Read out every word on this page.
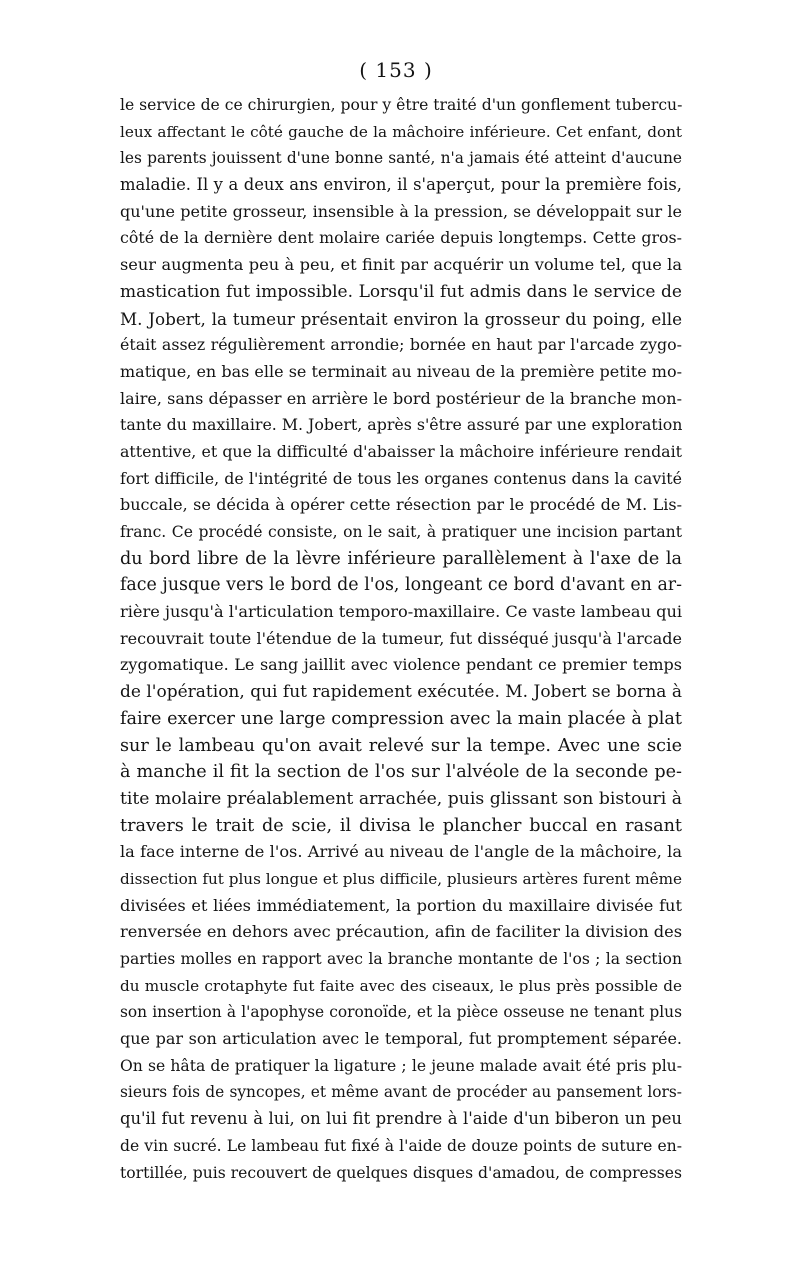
( 153 )
le service de ce chirurgien, pour y être traité d'un gonflement tubercu-
leux affectant le côté gauche de la mâchoire inférieure. Cet enfant, dont
les parents jouissent d'une bonne santé, n'a jamais été atteint d'aucune
maladie. Il y a deux ans environ, il s'aperçut, pour la première fois,
qu'une petite grosseur, insensible à la pression, se développait sur le
côté de la dernière dent molaire cariée depuis longtemps. Cette gros-
seur augmenta peu à peu, et finit par acquérir un volume tel, que la
mastication fut impossible. Lorsqu'il fut admis dans le service de
M. Jobert, la tumeur présentait environ la grosseur du poing, elle
était assez régulièrement arrondie; bornée en haut par l'arcade zygo-
matique, en bas elle se terminait au niveau de la première petite mo-
laire, sans dépasser en arrière le bord postérieur de la branche mon-
tante du maxillaire. M. Jobert, après s'être assuré par une exploration
attentive, et que la difficulté d'abaisser la mâchoire inférieure rendait
fort difficile, de l'intégrité de tous les organes contenus dans la cavité
buccale, se décida à opérer cette résection par le procédé de M. Lis-
franc. Ce procédé consiste, on le sait, à pratiquer une incision partant
du bord libre de la lèvre inférieure parallèlement à l'axe de la
face jusque vers le bord de l'os, longeant ce bord d'avant en ar-
rière jusqu'à l'articulation temporo-maxillaire. Ce vaste lambeau qui
recouvrait toute l'étendue de la tumeur, fut disséqué jusqu'à l'arcade
zygomatique. Le sang jaillit avec violence pendant ce premier temps
de l'opération, qui fut rapidement exécutée. M. Jobert se borna à
faire exercer une large compression avec la main placée à plat
sur le lambeau qu'on avait relevé sur la tempe. Avec une scie
à manche il fit la section de l'os sur l'alvéole de la seconde pe-
tite molaire préalablement arrachée, puis glissant son bistouri à
travers le trait de scie, il divisa le plancher buccal en rasant
la face interne de l'os. Arrivé au niveau de l'angle de la mâchoire, la
dissection fut plus longue et plus difficile, plusieurs artères furent même
divisées et liées immédiatement, la portion du maxillaire divisée fut
renversée en dehors avec précaution, afin de faciliter la division des
parties molles en rapport avec la branche montante de l'os ; la section
du muscle crotaphyte fut faite avec des ciseaux, le plus près possible de
son insertion à l'apophyse coronoïde, et la pièce osseuse ne tenant plus
que par son articulation avec le temporal, fut promptement séparée.
On se hâta de pratiquer la ligature ; le jeune malade avait été pris plu-
sieurs fois de syncopes, et même avant de procéder au pansement lors-
qu'il fut revenu à lui, on lui fit prendre à l'aide d'un biberon un peu
de vin sucré. Le lambeau fut fixé à l'aide de douze points de suture en-
tortillée, puis recouvert de quelques disques d'amadou, de compresses
